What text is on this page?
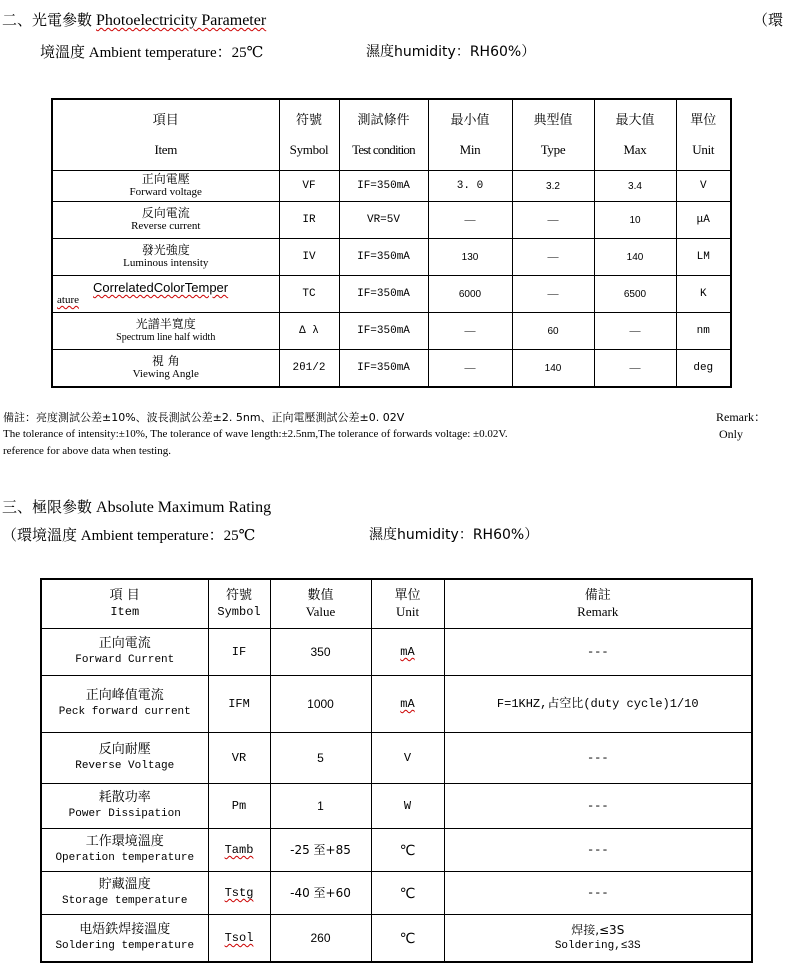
二、光電參數 Photoelectricity Parameter	（環
境溫度 Ambient temperature：25℃	濕度humidity：RH60%）
項目
Item	符號
Symbol	測試條件
Test condition	最小值
Min	典型值
Type	最大值
Max	單位
Unit

正向電壓
Forward voltage	VF	IF=350mA	3. 0	3.2	3.4	V

反向電流
Reverse current	IR	VR=5V	—	—	10	μA

發光強度
Luminous intensity	IV	IF=350mA	130	—	140	LM

CorrelatedColorTemper
ature	TC	IF=350mA	6000	—	6500	K

光譜半寬度
Spectrum line half width	Δ λ	IF=350mA	—	60	—	nm

視 角
Viewing Angle	2θ1/2	IF=350mA	—	140	—	deg
備註：亮度測試公差±10%、波長測試公差±2. 5nm、正向電壓測試公差±0. 02V
The tolerance of intensity:±10%, The tolerance of wave length:±2.5nm,The tolerance of forwards voltage: ±0.02V.
reference for above data when testing.
Remark：
Only
三、極限參數 Absolute Maximum Rating
（環境溫度 Ambient temperature：25℃	濕度humidity：RH60%）
項 目
Item	符號
Symbol	數值
Value	單位
Unit	備註
Remark

正向電流
Forward Current	IF	350	mA	---

正向峰值電流
Peck forward current	IFM	1000	mA	F=1KHZ,占空比(duty cycle)1/10

反向耐壓
Reverse Voltage	VR	5	V	---

耗散功率
Power Dissipation	Pm	1	W	---

工作環境溫度
Operation temperature	Tamb	-25 至+85	℃	---

貯藏溫度
Storage temperature	Tstg	-40 至+60	℃	---

电焐鉄焊接溫度
Soldering temperature	Tsol	260	℃	焊接,≤3S
Soldering,≤3S
